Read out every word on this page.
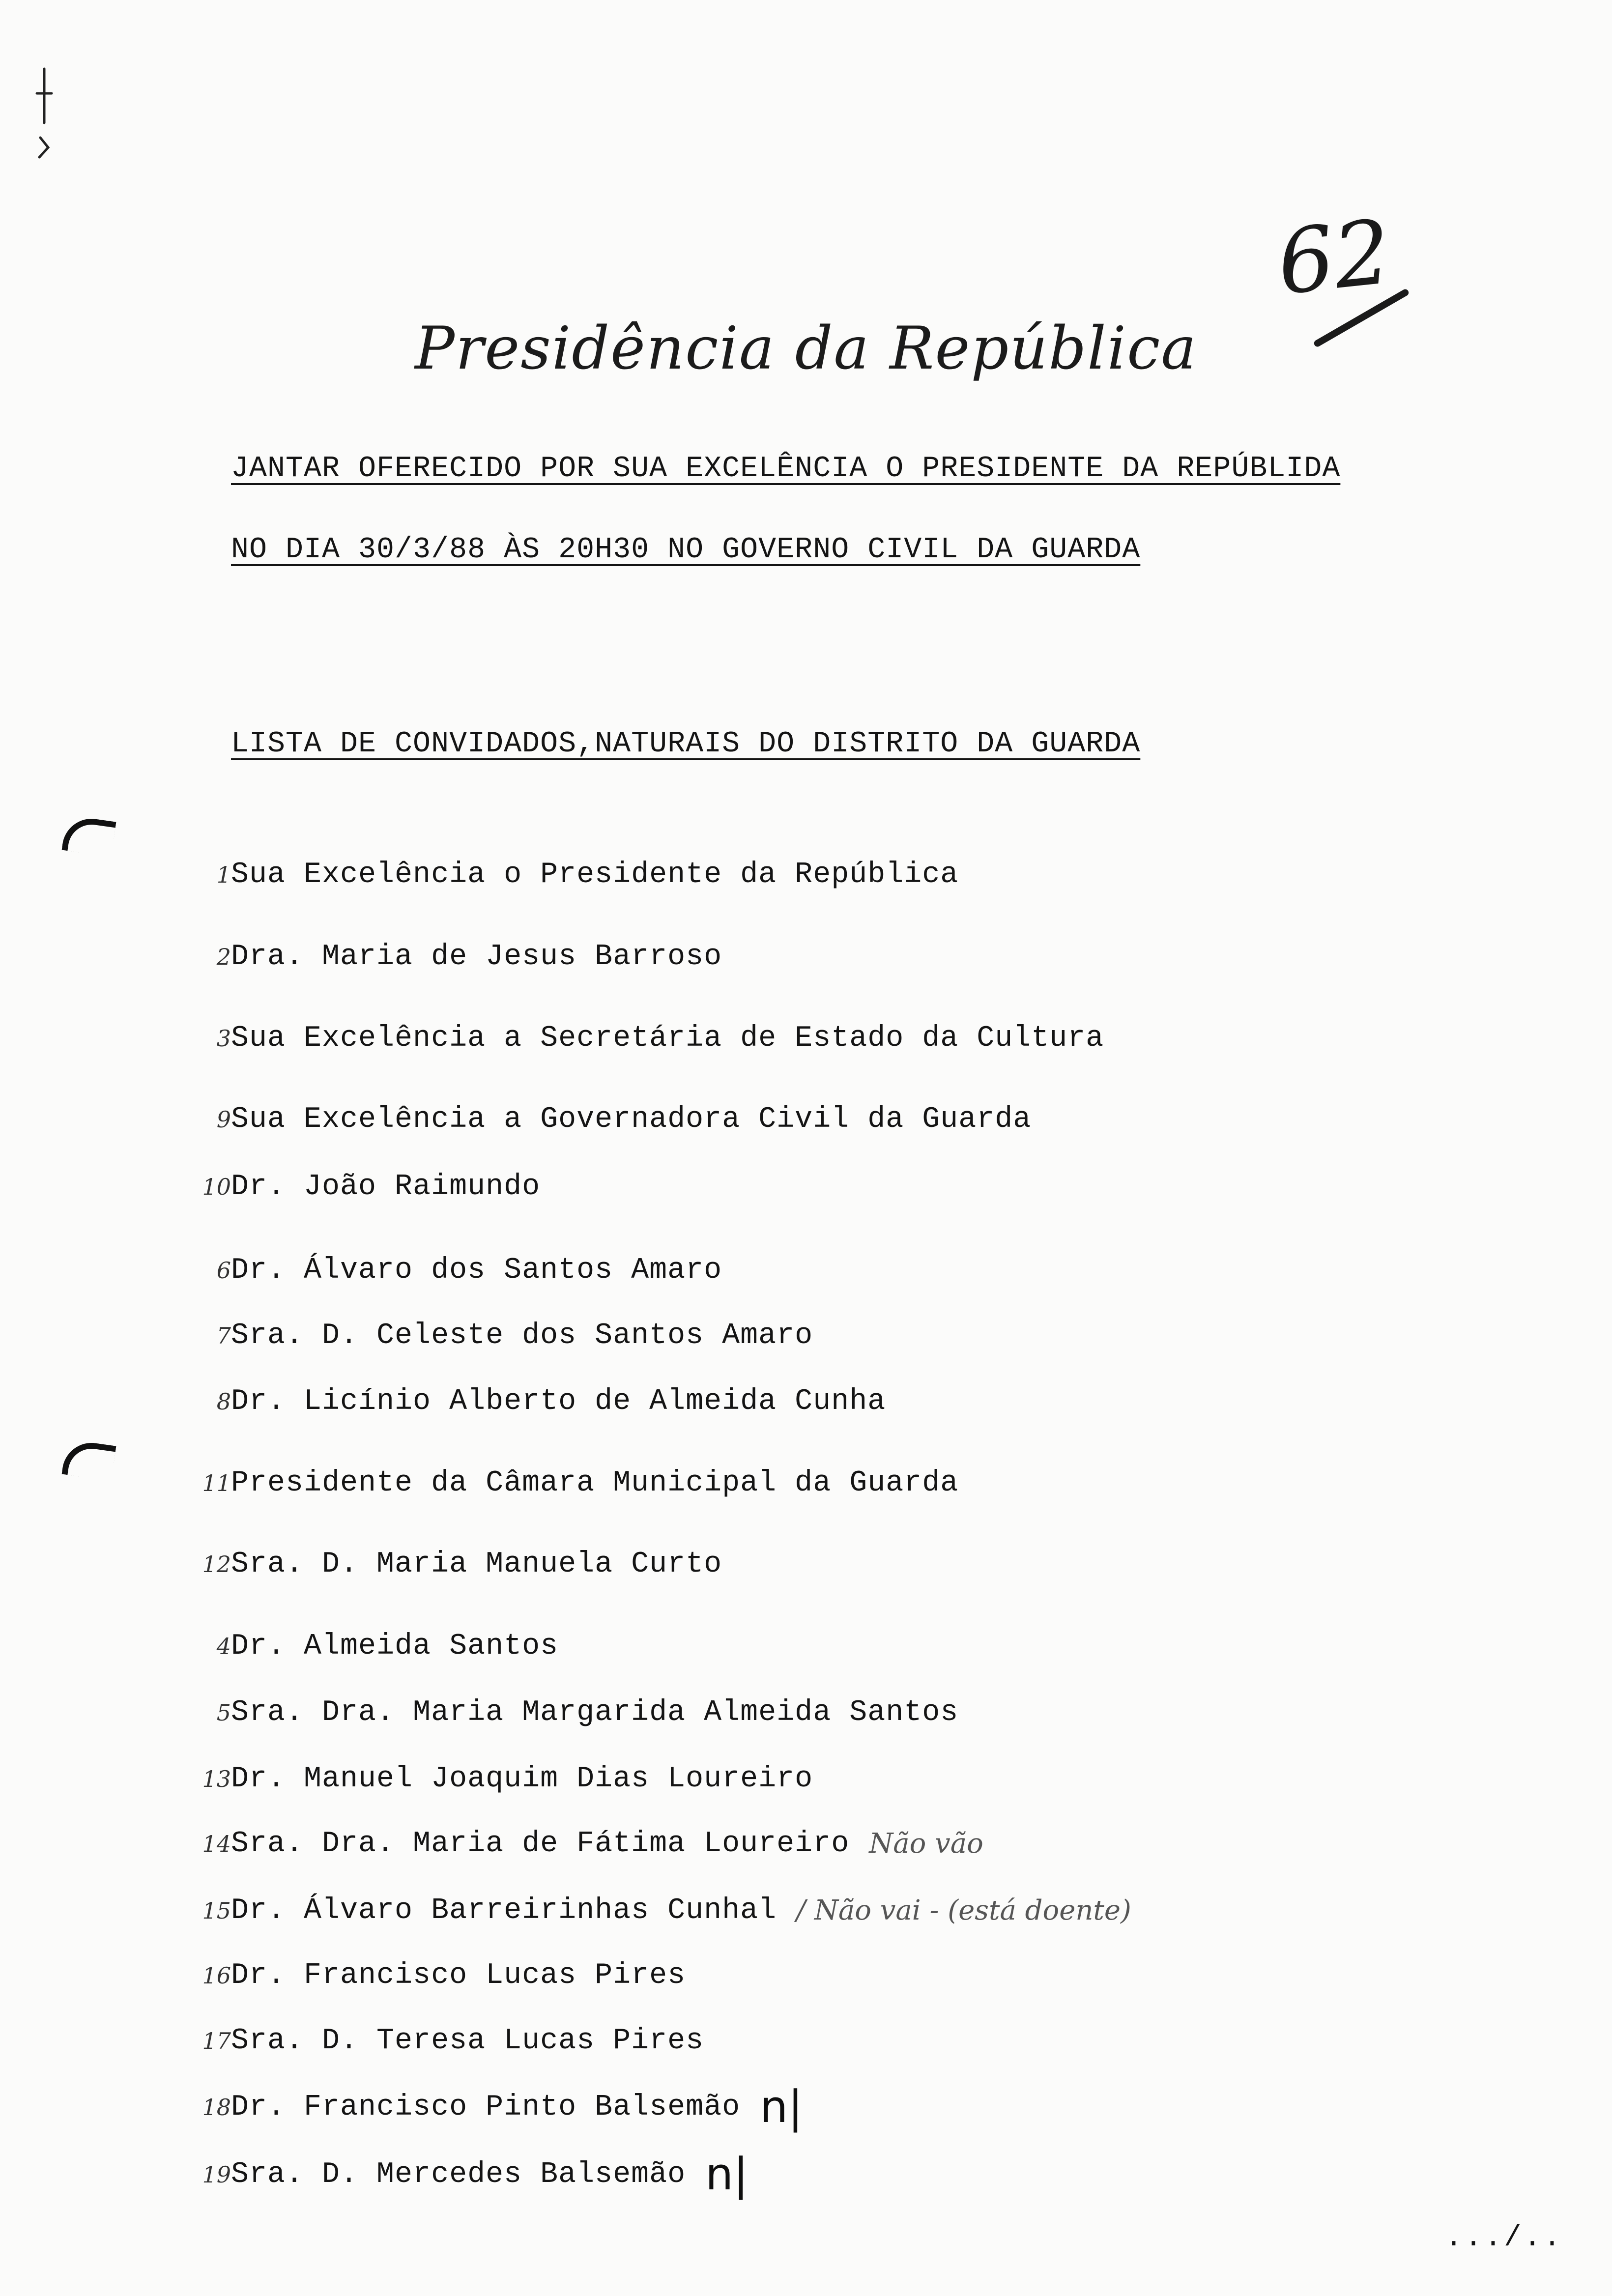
62
Presidência da República
JANTAR OFERECIDO POR SUA EXCELÊNCIA O PRESIDENTE DA REPÚBLIDA
NO DIA 30/3/88 ÀS 20H30 NO GOVERNO CIVIL DA GUARDA
LISTA DE CONVIDADOS,NATURAIS DO DISTRITO DA GUARDA
1Sua Excelência o Presidente da República
2Dra. Maria de Jesus Barroso
3Sua Excelência a Secretária de Estado da Cultura
9Sua Excelência a Governadora Civil da Guarda
10Dr. João Raimundo
6Dr. Álvaro dos Santos Amaro
7Sra. D. Celeste dos Santos Amaro
8Dr. Licínio Alberto de Almeida Cunha
11Presidente da Câmara Municipal da Guarda
12Sra. D. Maria Manuela Curto
4Dr. Almeida Santos
5Sra. Dra. Maria Margarida Almeida Santos
13Dr. Manuel Joaquim Dias Loureiro
14Sra. Dra. Maria de Fátima Loureiro Não vão
15Dr. Álvaro Barreirinhas Cunhal / Não vai - (está doente)
16Dr. Francisco Lucas Pires
17Sra. D. Teresa Lucas Pires
18Dr. Francisco Pinto Balsemão n|
19Sra. D. Mercedes Balsemão n|
.../..
